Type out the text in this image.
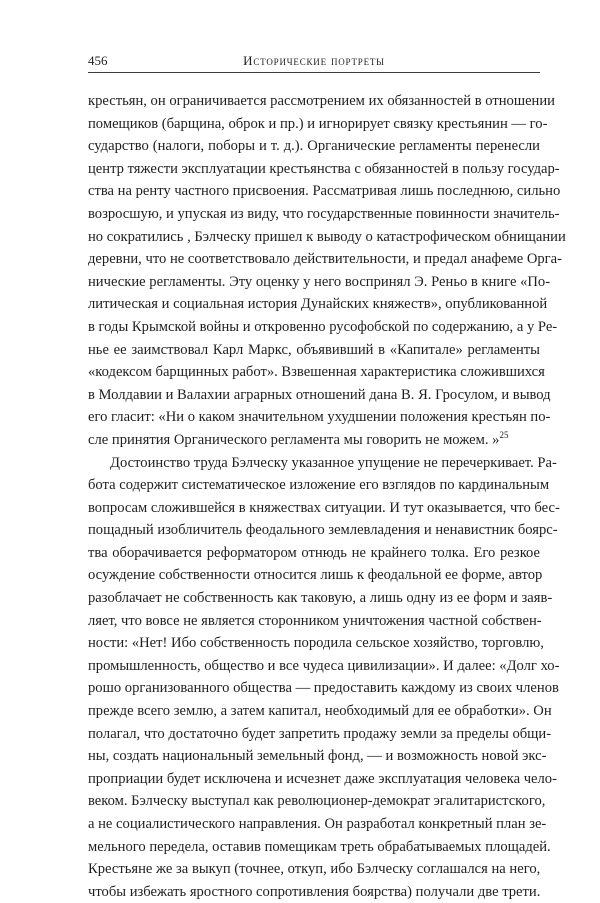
456	Исторические портреты
крестьян, он ограничивается рассмотрением их обязанностей в отношении
помещиков (барщина, оброк и пр.) и игнорирует связку крестьянин — го-
сударство (налоги, поборы и т. д.). Органические регламенты перенесли
центр тяжести эксплуатации крестьянства с обязанностей в пользу государ-
ства на ренту частного присвоения. Рассматривая лишь последнюю, сильно
возросшую, и упуская из виду, что государственные повинности значитель-
но сократились , Бэлческу пришел к выводу о катастрофическом обнищании
деревни, что не соответствовало действительности, и предал анафеме Орга-
нические регламенты. Эту оценку у него воспринял Э. Реньо в книге «По-
литическая и социальная история Дунайских княжеств», опубликованной
в годы Крымской войны и откровенно русофобской по содержанию, а у Ре-
нье ее заимствовал Карл Маркс, объявивший в «Капитале» регламенты
«кодексом барщинных работ». Взвешенная характеристика сложившихся
в Молдавии и Валахии аграрных отношений дана В. Я. Гросулом, и вывод
его гласит: «Ни о каком значительном ухудшении положения крестьян по-
сле принятия Органического регламента мы говорить не можем. »$^{25}$
Достоинство труда Бэлческу указанное упущение не перечеркивает. Ра-
бота содержит систематическое изложение его взглядов по кардинальным
вопросам сложившейся в княжествах ситуации. И тут оказывается, что бес-
пощадный изобличитель феодального землевладения и ненавистник боярс-
тва оборачивается реформатором отнюдь не крайнего толка. Его резкое
осуждение собственности относится лишь к феодальной ее форме, автор
разоблачает не собственность как таковую, а лишь одну из ее форм и заяв-
ляет, что вовсе не является сторонником уничтожения частной собствен-
ности: «Нет! Ибо собственность породила сельское хозяйство, торговлю,
промышленность, общество и все чудеса цивилизации». И далее: «Долг хо-
рошо организованного общества — предоставить каждому из своих членов
прежде всего землю, а затем капитал, необходимый для ее обработки». Он
полагал, что достаточно будет запретить продажу земли за пределы общи-
ны, создать национальный земельный фонд, — и возможность новой экс-
проприации будет исключена и исчезнет даже эксплуатация человека чело-
веком. Бэлческу выступал как революционер-демократ эгалитаристского,
а не социалистического направления. Он разработал конкретный план зе-
мельного передела, оставив помещикам треть обрабатываемых площадей.
Крестьяне же за выкуп (точнее, откуп, ибо Бэлческу соглашался на него,
чтобы избежать яростного сопротивления боярства) получали две трети.
